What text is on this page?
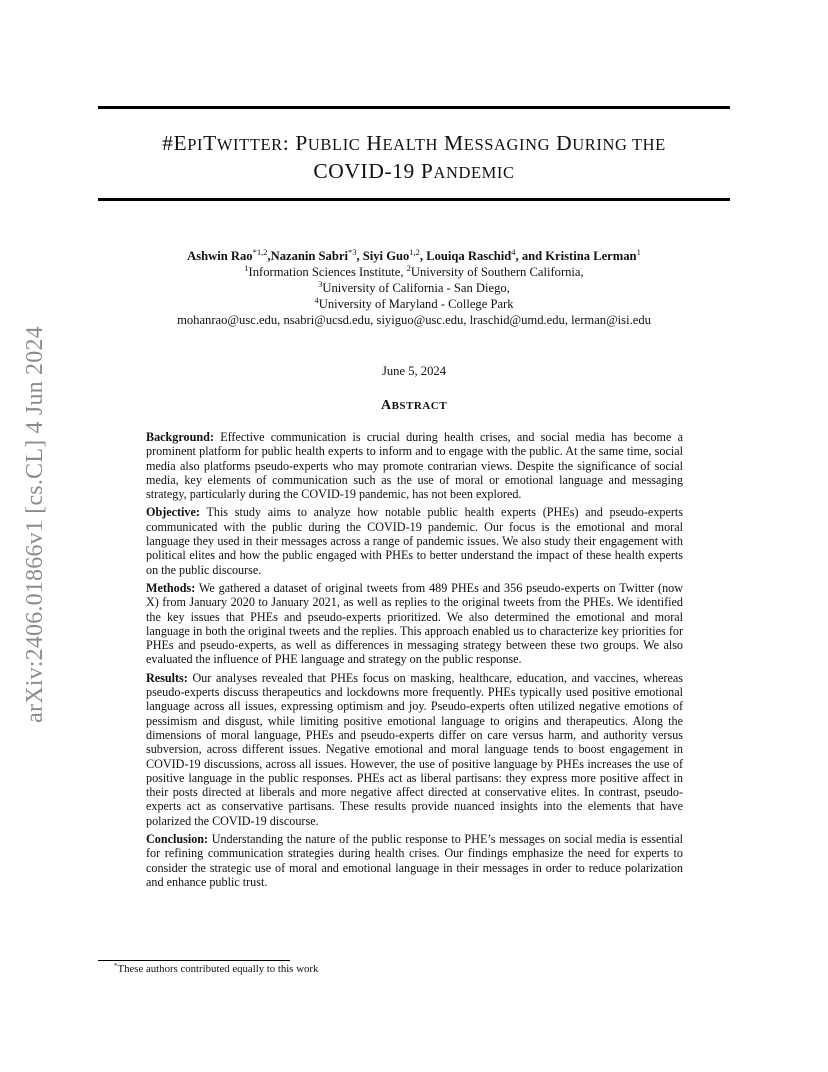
arXiv:2406.01866v1 [cs.CL] 4 Jun 2024
#EPITWITTER: PUBLIC HEALTH MESSAGING DURING THE
COVID-19 PANDEMIC
Ashwin Rao$^{*1,2}$,Nazanin Sabri$^{*3}$, Siyi Guo$^{1,2}$, Louiqa Raschid$^4$, and Kristina Lerman$^1$
$^1$Information Sciences Institute, $^2$University of Southern California,
$^3$University of California - San Diego,
$^4$University of Maryland - College Park
mohanrao@usc.edu, nsabri@ucsd.edu, siyiguo@usc.edu, lraschid@umd.edu, lerman@isi.edu
June 5, 2024
ABSTRACT

Background: Effective communication is crucial during health crises, and social media has become a prominent platform for public health experts to inform and to engage with the public. At the same time, social media also platforms pseudo-experts who may promote contrarian views. Despite the significance of social media, key elements of communication such as the use of moral or emotional language and messaging strategy, particularly during the COVID-19 pandemic, has not been explored.

Objective: This study aims to analyze how notable public health experts (PHEs) and pseudo-experts communicated with the public during the COVID-19 pandemic. Our focus is the emotional and moral language they used in their messages across a range of pandemic issues. We also study their engagement with political elites and how the public engaged with PHEs to better understand the impact of these health experts on the public discourse.

Methods: We gathered a dataset of original tweets from 489 PHEs and 356 pseudo-experts on Twitter (now X) from January 2020 to January 2021, as well as replies to the original tweets from the PHEs. We identified the key issues that PHEs and pseudo-experts prioritized. We also determined the emotional and moral language in both the original tweets and the replies. This approach enabled us to characterize key priorities for PHEs and pseudo-experts, as well as differences in messaging strategy between these two groups. We also evaluated the influence of PHE language and strategy on the public response.

Results: Our analyses revealed that PHEs focus on masking, healthcare, education, and vaccines, whereas pseudo-experts discuss therapeutics and lockdowns more frequently. PHEs typically used positive emotional language across all issues, expressing optimism and joy. Pseudo-experts often utilized negative emotions of pessimism and disgust, while limiting positive emotional language to origins and therapeutics. Along the dimensions of moral language, PHEs and pseudo-experts differ on care versus harm, and authority versus subversion, across different issues. Negative emotional and moral language tends to boost engagement in COVID-19 discussions, across all issues. However, the use of positive language by PHEs increases the use of positive language in the public responses. PHEs act as liberal partisans: they express more positive affect in their posts directed at liberals and more negative affect directed at conservative elites. In contrast, pseudo-experts act as conservative partisans. These results provide nuanced insights into the elements that have polarized the COVID-19 discourse.

Conclusion: Understanding the nature of the public response to PHE’s messages on social media is essential for refining communication strategies during health crises. Our findings emphasize the need for experts to consider the strategic use of moral and emotional language in their messages in order to reduce polarization and enhance public trust.

*These authors contributed equally to this work
